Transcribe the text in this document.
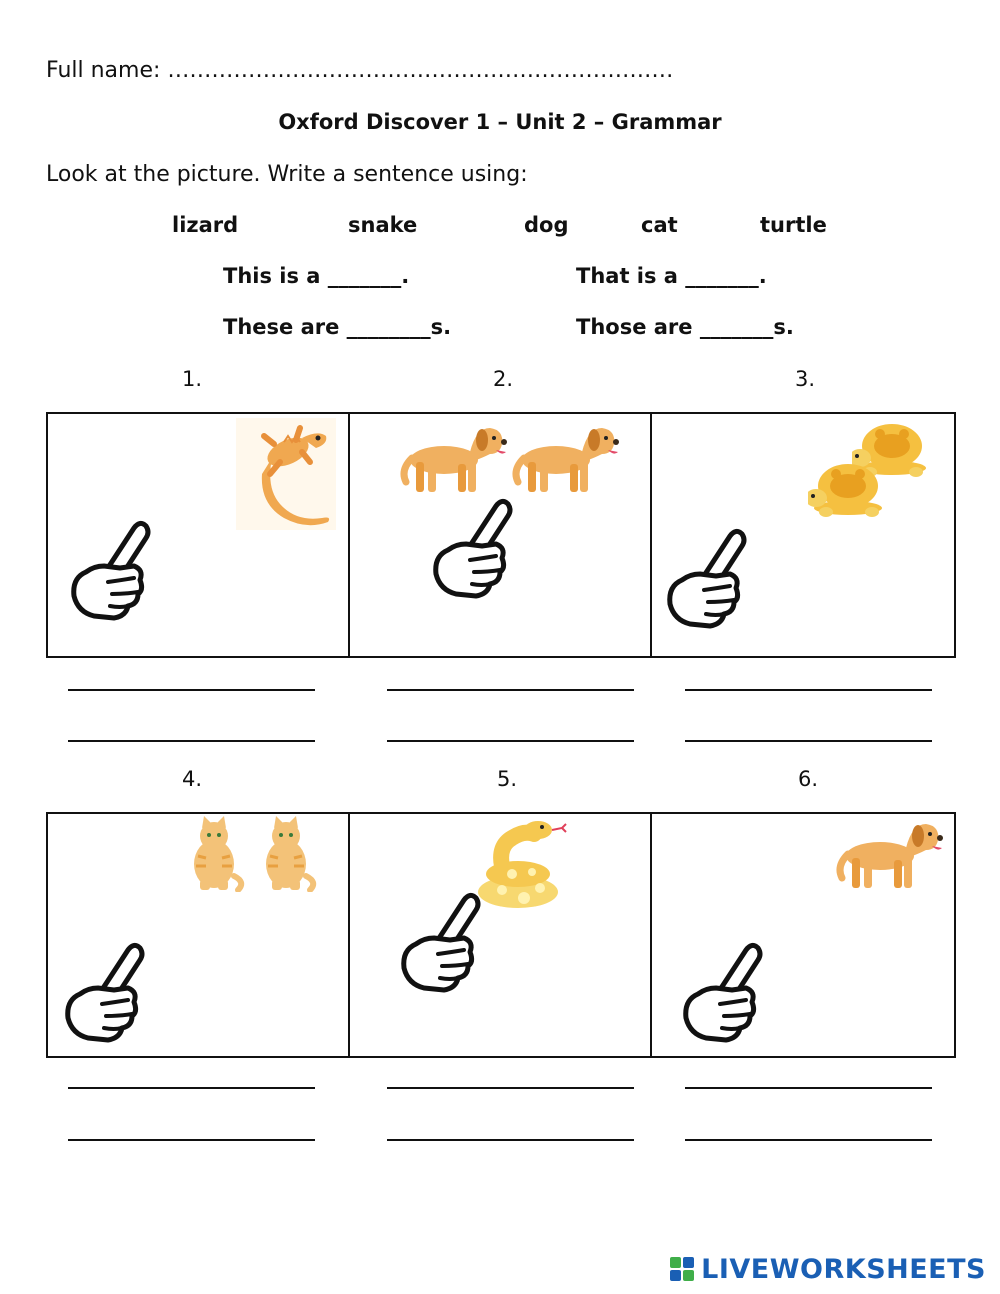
Full name: ……………………………………………………………
Oxford Discover 1 – Unit 2 – Grammar
Look at the picture. Write a sentence using:
lizard	snake	dog	cat	turtle
This is a _______.	That is a _______.
These are ________s.	Those are _______s.
1.	2.	3.
4.	5.	6.
LIVEWORKSHEETS
